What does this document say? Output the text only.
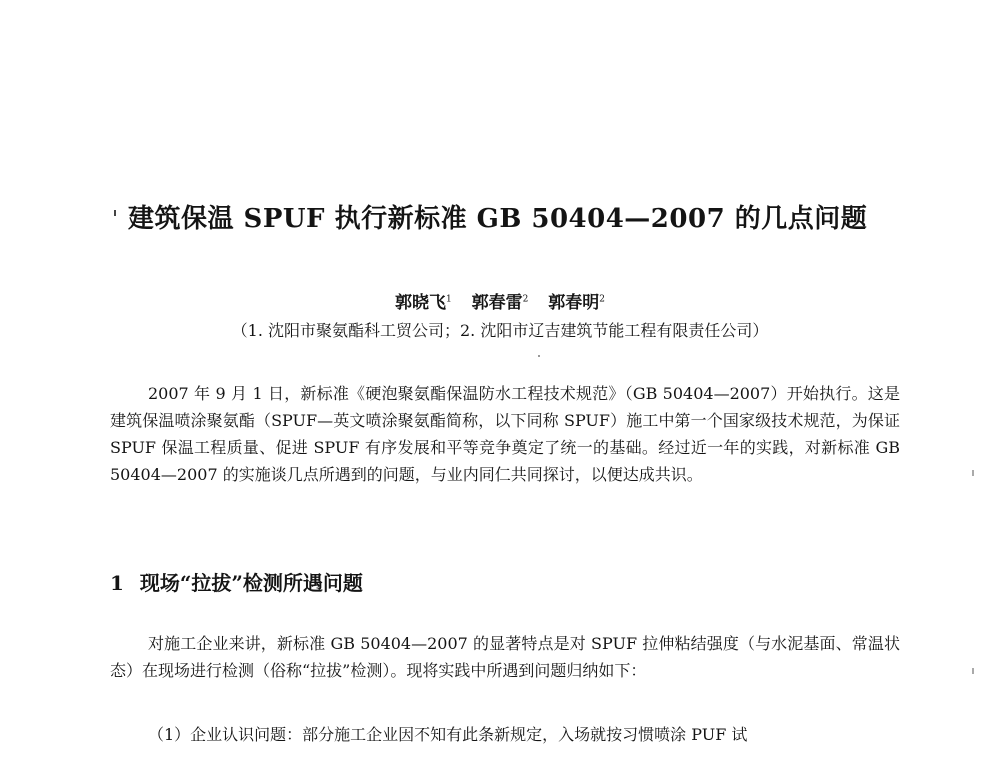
建筑保温 SPUF 执行新标准 GB 50404—2007 的几点问题
郭晓飞$^1$ 郭春雷$^2$ 郭春明$^2$
（1. 沈阳市聚氨酯科工贸公司；2. 沈阳市辽吉建筑节能工程有限责任公司）

2007 年 9 月 1 日，新标准《硬泡聚氨酯保温防水工程技术规范》（GB 50404—2007）开始执行。这是建筑保温喷涂聚氨酯（SPUF—英文喷涂聚氨酯简称，以下同称 SPUF）施工中第一个国家级技术规范，为保证 SPUF 保温工程质量、促进 SPUF 有序发展和平等竞争奠定了统一的基础。经过近一年的实践，对新标准 GB 50404—2007 的实施谈几点所遇到的问题，与业内同仁共同探讨，以便达成共识。

1 现场“拉拔”检测所遇问题

对施工企业来讲，新标准 GB 50404—2007 的显著特点是对 SPUF 拉伸粘结强度（与水泥基面、常温状态）在现场进行检测（俗称“拉拔”检测）。现将实践中所遇到问题归纳如下：

（1）企业认识问题：部分施工企业因不知有此条新规定，入场就按习惯喷涂 PUF 试
